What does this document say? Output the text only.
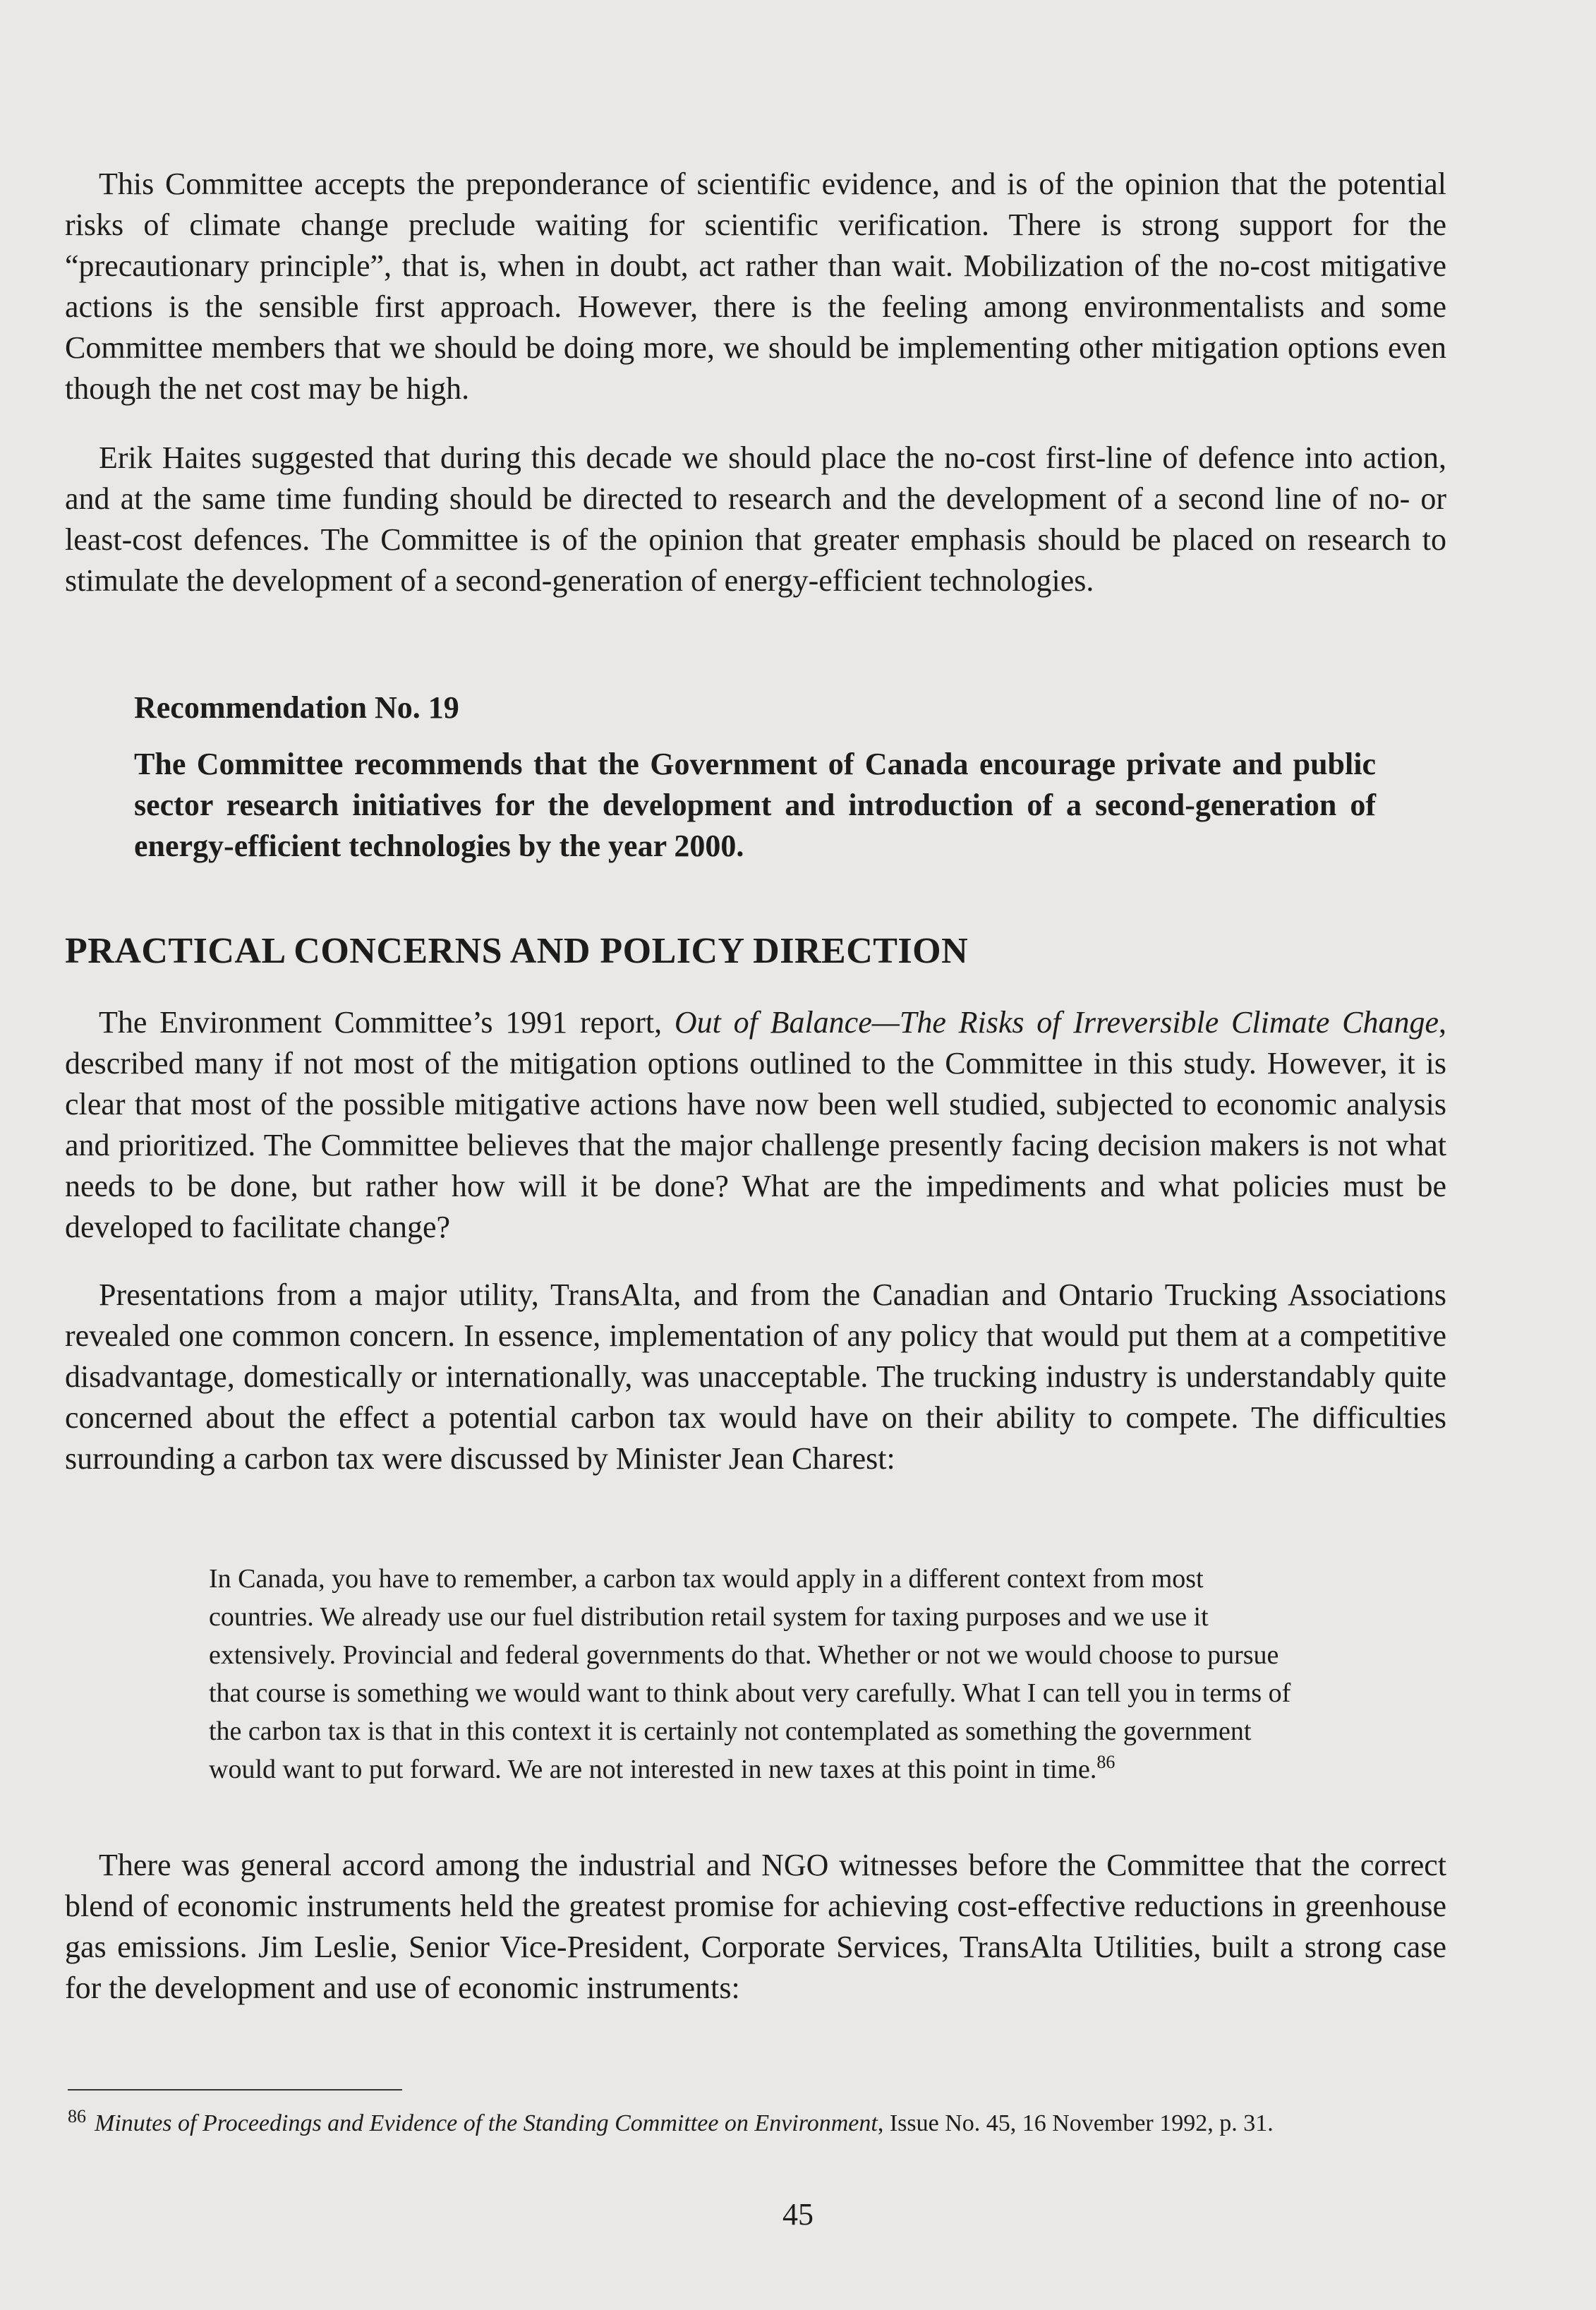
This Committee accepts the preponderance of scientific evidence, and is of the opinion that the potential risks of climate change preclude waiting for scientific verification. There is strong support for the “precautionary principle”, that is, when in doubt, act rather than wait. Mobilization of the no-cost mitigative actions is the sensible first approach. However, there is the feeling among environmentalists and some Committee members that we should be doing more, we should be implementing other mitigation options even though the net cost may be high.

Erik Haites suggested that during this decade we should place the no-cost first-line of defence into action, and at the same time funding should be directed to research and the development of a second line of no- or least-cost defences. The Committee is of the opinion that greater emphasis should be placed on research to stimulate the development of a second-generation of energy-efficient technologies.

Recommendation No. 19

The Committee recommends that the Government of Canada encourage private and public sector research initiatives for the development and introduction of a second-generation of energy-efficient technologies by the year 2000.

PRACTICAL CONCERNS AND POLICY DIRECTION

The Environment Committee’s 1991 report, Out of Balance—The Risks of Irreversible Climate Change, described many if not most of the mitigation options outlined to the Committee in this study. However, it is clear that most of the possible mitigative actions have now been well studied, subjected to economic analysis and prioritized. The Committee believes that the major challenge presently facing decision makers is not what needs to be done, but rather how will it be done? What are the impediments and what policies must be developed to facilitate change?

Presentations from a major utility, TransAlta, and from the Canadian and Ontario Trucking Associations revealed one common concern. In essence, implementation of any policy that would put them at a competitive disadvantage, domestically or internationally, was unacceptable. The trucking industry is understandably quite concerned about the effect a potential carbon tax would have on their ability to compete. The difficulties surrounding a carbon tax were discussed by Minister Jean Charest:

In Canada, you have to remember, a carbon tax would apply in a different context from most countries. We already use our fuel distribution retail system for taxing purposes and we use it extensively. Provincial and federal governments do that. Whether or not we would choose to pursue that course is something we would want to think about very carefully. What I can tell you in terms of the carbon tax is that in this context it is certainly not contemplated as something the government would want to put forward. We are not interested in new taxes at this point in time.$^{86}$

There was general accord among the industrial and NGO witnesses before the Committee that the correct blend of economic instruments held the greatest promise for achieving cost-effective reductions in greenhouse gas emissions. Jim Leslie, Senior Vice-President, Corporate Services, TransAlta Utilities, built a strong case for the development and use of economic instruments:

$^{86}$ Minutes of Proceedings and Evidence of the Standing Committee on Environment, Issue No. 45, 16 November 1992, p. 31.

45
